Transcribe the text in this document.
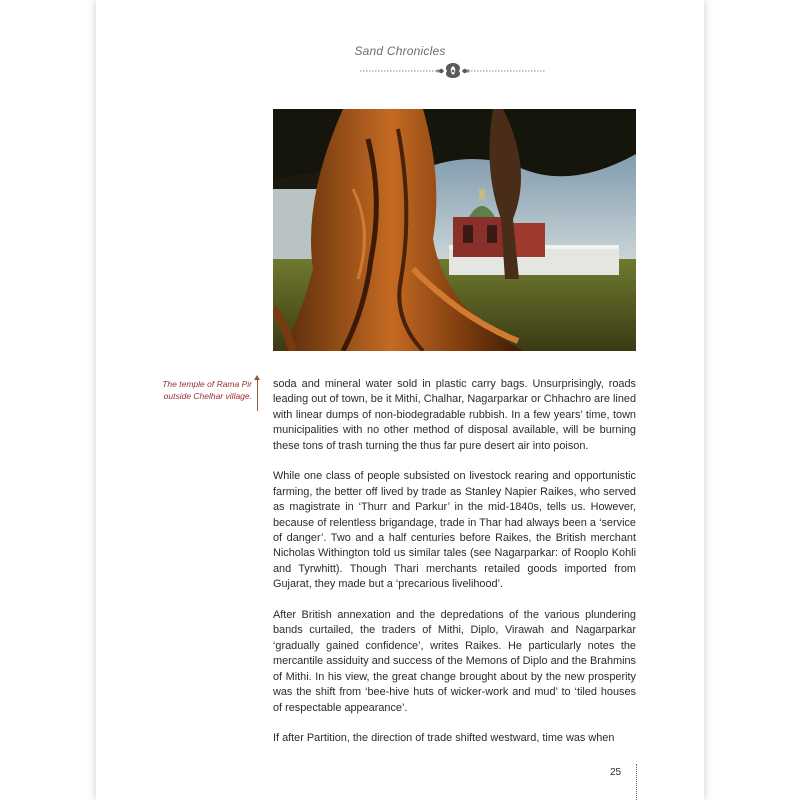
Sand Chronicles
The temple of Rama Pir outside Chelhar village.

soda and mineral water sold in plastic carry bags. Unsurprisingly, roads leading out of town, be it Mithi, Chalhar, Nagarparkar or Chhachro are lined with linear dumps of non-biodegradable rubbish. In a few years’ time, town municipalities with no other method of disposal available, will be burning these tons of trash turning the thus far pure desert air into poison.

While one class of people subsisted on livestock rearing and opportunistic farming, the better off lived by trade as Stanley Napier Raikes, who served as magistrate in ‘Thurr and Parkur’ in the mid-1840s, tells us. However, because of relentless brigandage, trade in Thar had always been a ‘service of danger’. Two and a half centuries before Raikes, the British merchant Nicholas Withington told us similar tales (see Nagarparkar: of Rooplo Kohli and Tyrwhitt). Though Thari merchants retailed goods imported from Gujarat, they made but a ‘precarious livelihood’.

After British annexation and the depredations of the various plundering bands curtailed, the traders of Mithi, Diplo, Virawah and Nagarparkar ‘gradually gained confidence’, writes Raikes. He particularly notes the mercantile assiduity and success of the Memons of Diplo and the Brahmins of Mithi. In his view, the great change brought about by the new prosperity was the shift from ‘bee-hive huts of wicker-work and mud’ to ‘tiled houses of respectable appearance’.

If after Partition, the direction of trade shifted westward, time was when

25
